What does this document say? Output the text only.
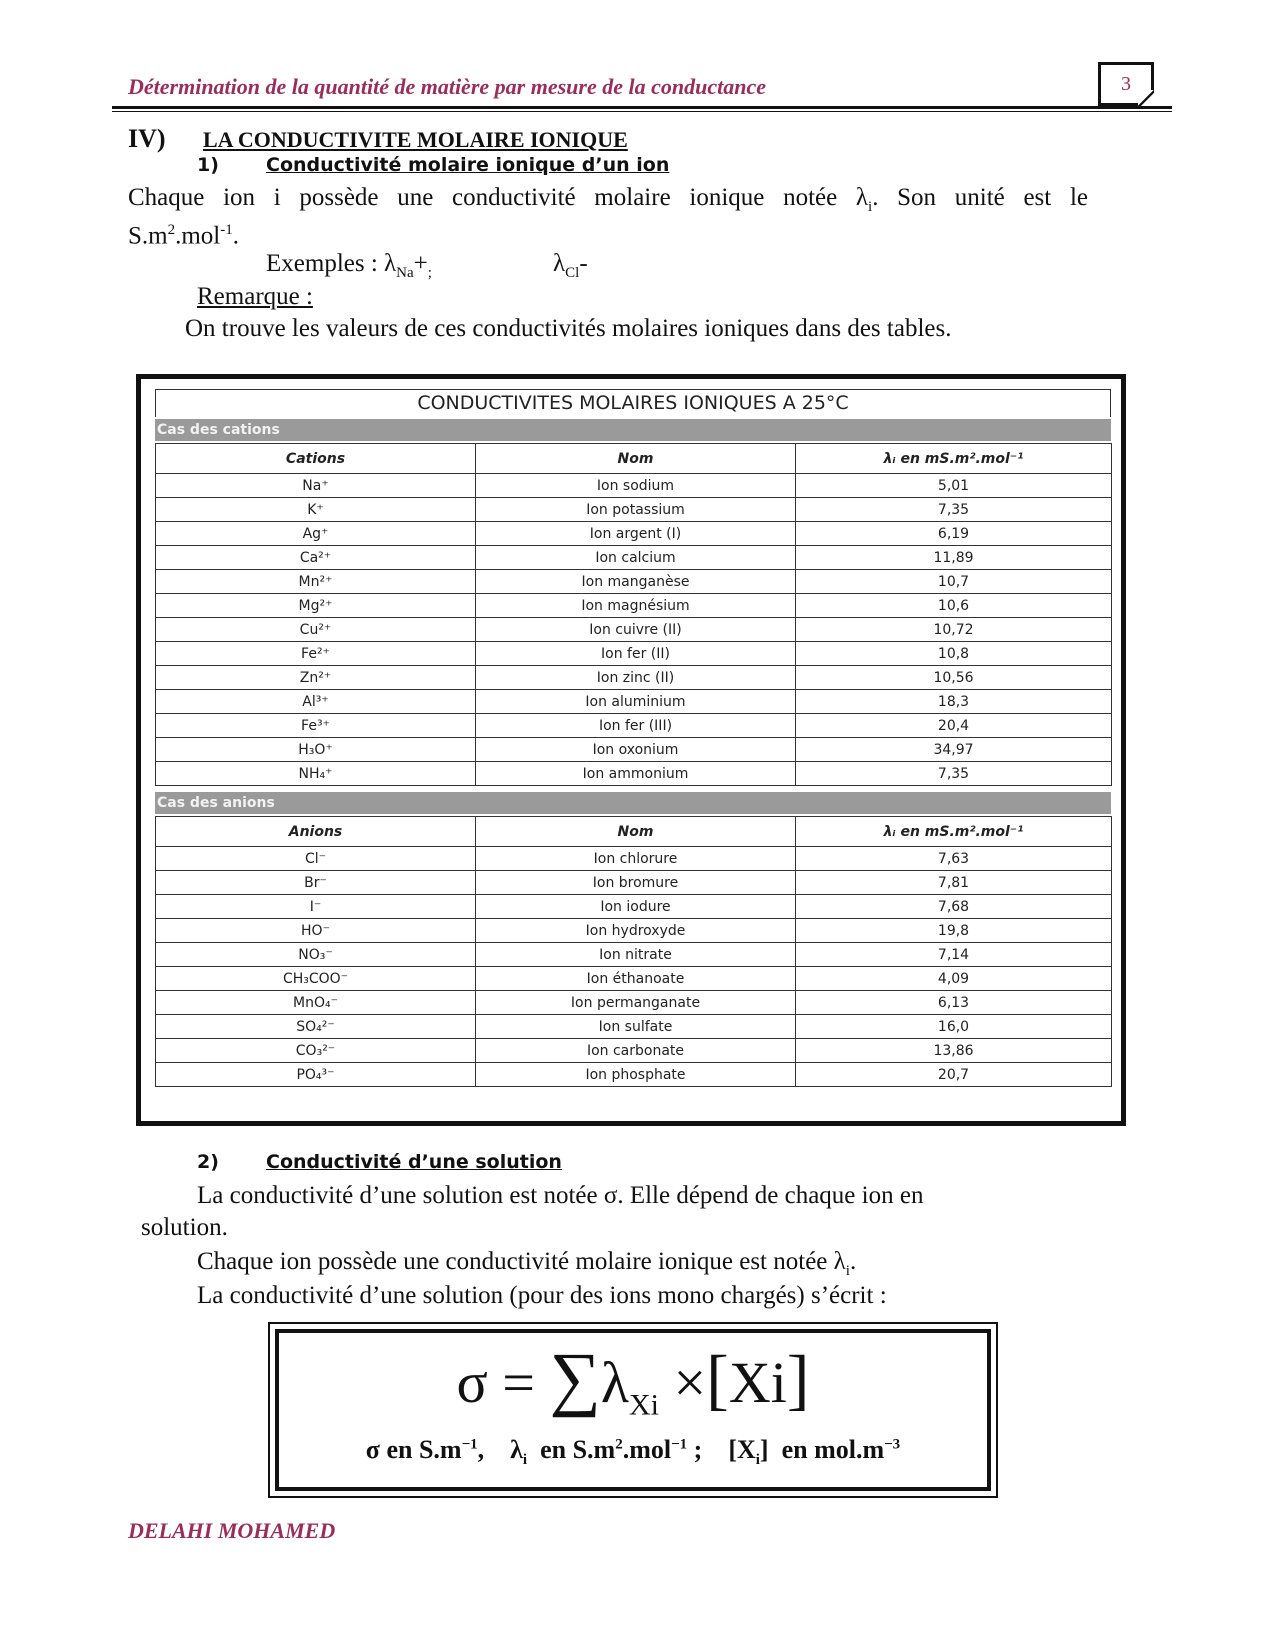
Détermination de la quantité de matière par mesure de la conductance	3
IV) LA CONDUCTIVITE MOLAIRE IONIQUE
1) Conductivité molaire ionique d’un ion
Chaque ion i possède une conductivité molaire ionique notée $\lambda_i$. Son unité est le
$S.m^2.mol^{-1}$.
Exemples : $\lambda_{Na}+_;$	$\lambda_{Cl}-$
Remarque :
On trouve les valeurs de ces conductivités molaires ioniques dans des tables.
CONDUCTIVITES MOLAIRES IONIQUES A 25°C
Cas des cations
Cations	Nom	λᵢ en mS.m².mol⁻¹
Na⁺	Ion sodium	5,01
K⁺	Ion potassium	7,35
Ag⁺	Ion argent (I)	6,19
Ca²⁺	Ion calcium	11,89
Mn²⁺	Ion manganèse	10,7
Mg²⁺	Ion magnésium	10,6
Cu²⁺	Ion cuivre (II)	10,72
Fe²⁺	Ion fer (II)	10,8
Zn²⁺	Ion zinc (II)	10,56
Al³⁺	Ion aluminium	18,3
Fe³⁺	Ion fer (III)	20,4
H₃O⁺	Ion oxonium	34,97
NH₄⁺	Ion ammonium	7,35
Cas des anions
Anions	Nom	λᵢ en mS.m².mol⁻¹
Cl⁻	Ion chlorure	7,63
Br⁻	Ion bromure	7,81
I⁻	Ion iodure	7,68
HO⁻	Ion hydroxyde	19,8
NO₃⁻	Ion nitrate	7,14
CH₃COO⁻	Ion éthanoate	4,09
MnO₄⁻	Ion permanganate	6,13
SO₄²⁻	Ion sulfate	16,0
CO₃²⁻	Ion carbonate	13,86
PO₄³⁻	Ion phosphate	20,7
2) Conductivité d’une solution
La conductivité d’une solution est notée σ. Elle dépend de chaque ion en
solution.
Chaque ion possède une conductivité molaire ionique est notée $\lambda_i$.
La conductivité d’une solution (pour des ions mono chargés) s’écrit :
$\sigma = \sum\lambda_{Xi} \times[Xi]$
σ en $S.m^{-1}$,    $\lambda_i$  en $S.m^2.mol^{-1}$ ;    $[X_i]$  en $mol.m^{-3}$
DELAHI MOHAMED
